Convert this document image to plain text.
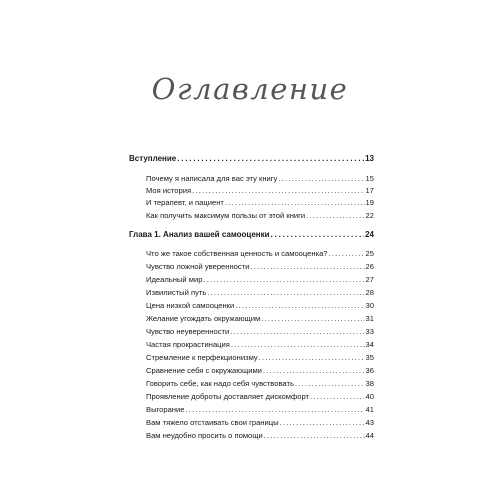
Оглавление
Вступление .....	13
Почему я написала для вас эту книгу .....	15
Моя история .....	17
И терапевт, и пациент .....	19
Как получить максимум пользы от этой книги .....	22
Глава 1. Анализ вашей самооценки .....	24
Что же такое собственная ценность и самооценка? .....	25
Чувство ложной уверенности .....	26
Идеальный мир .....	27
Извилистый путь .....	28
Цена низкой самооценки .....	30
Желание угождать окружающим .....	31
Чувство неуверенности .....	33
Частая прокрастинация .....	34
Стремление к перфекционизму .....	35
Сравнение себя с окружающими .....	36
Говорить себе, как надо себя чувствовать .....	38
Проявление доброты доставляет дискомфорт .....	40
Выгорание .....	41
Вам тяжело отстаивать свои границы .....	43
Вам неудобно просить о помощи .....	44
